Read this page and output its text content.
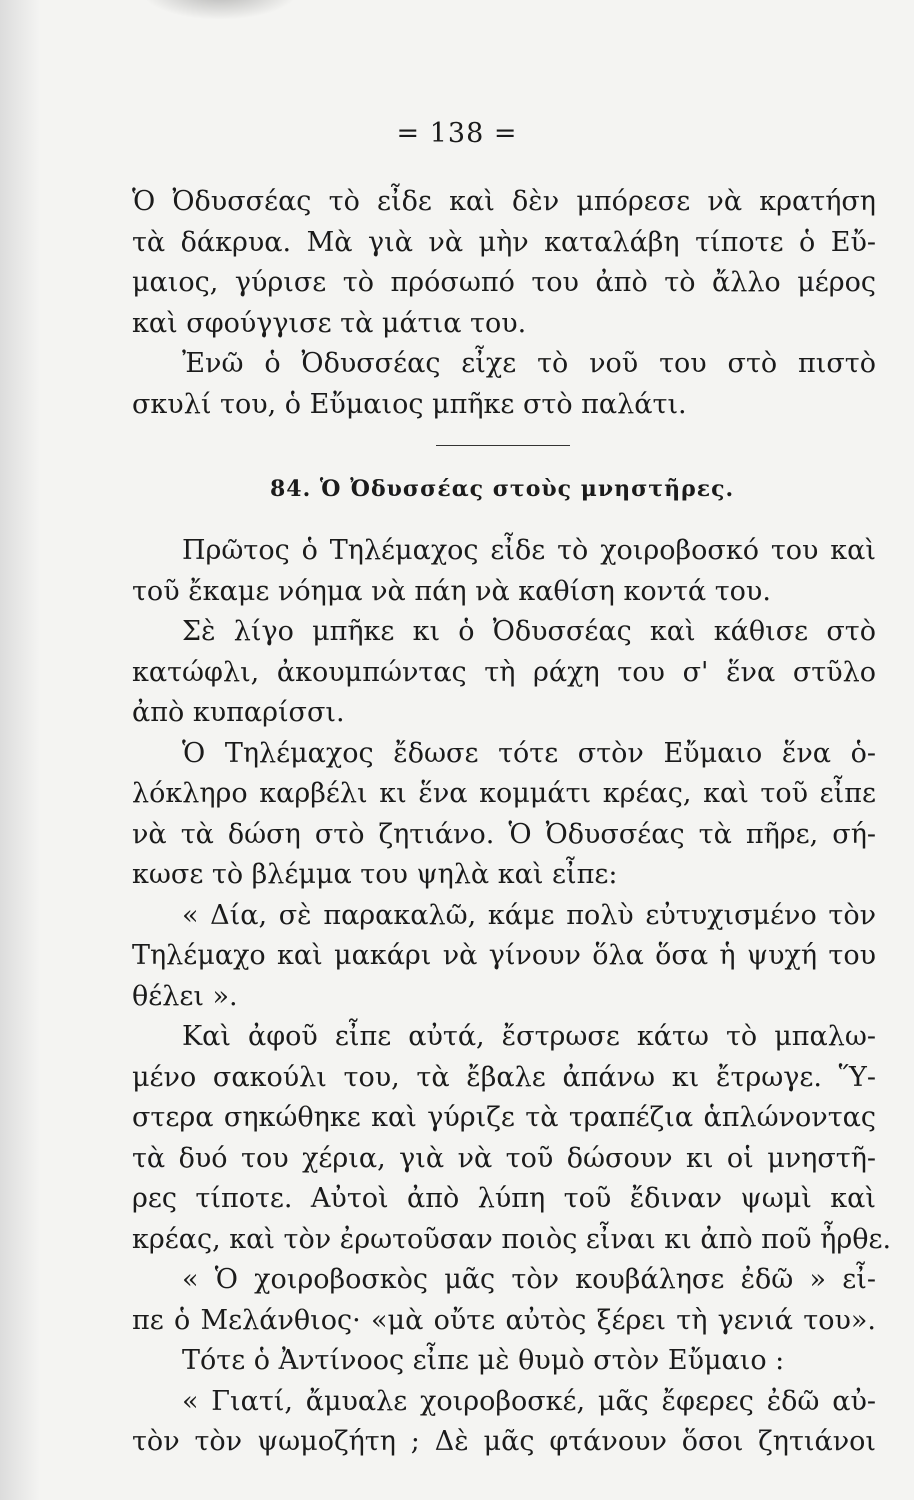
= 138 =
Ὁ Ὀδυσσέας τὸ εἶδε καὶ δὲν μπόρεσε νὰ κρατήση
τὰ δάκρυα. Μὰ γιὰ νὰ μὴν καταλάβη τίποτε ὁ Εὔ-
μαιος, γύρισε τὸ πρόσωπό του ἀπὸ τὸ ἄλλο μέρος
καὶ σφούγγισε τὰ μάτια του.
Ἐνῶ ὁ Ὀδυσσέας εἶχε τὸ νοῦ του στὸ πιστὸ
σκυλί του, ὁ Εὔμαιος μπῆκε στὸ παλάτι.
84. Ὁ Ὀδυσσέας στοὺς μνηστῆρες.
Πρῶτος ὁ Τηλέμαχος εἶδε τὸ χοιροβοσκό του καὶ
τοῦ ἔκαμε νόημα νὰ πάη νὰ καθίση κοντά του.
Σὲ λίγο μπῆκε κι ὁ Ὀδυσσέας καὶ κάθισε στὸ
κατώφλι, ἀκουμπώντας τὴ ράχη του σ' ἕνα στῦλο
ἀπὸ κυπαρίσσι.
Ὁ Τηλέμαχος ἔδωσε τότε στὸν Εὔμαιο ἕνα ὁ-
λόκληρο καρβέλι κι ἕνα κομμάτι κρέας, καὶ τοῦ εἶπε
νὰ τὰ δώση στὸ ζητιάνο. Ὁ Ὀδυσσέας τὰ πῆρε, σή-
κωσε τὸ βλέμμα του ψηλὰ καὶ εἶπε:
« Δία, σὲ παρακαλῶ, κάμε πολὺ εὐτυχισμένο τὸν
Τηλέμαχο καὶ μακάρι νὰ γίνουν ὅλα ὅσα ἡ ψυχή του
θέλει ».
Καὶ ἀφοῦ εἶπε αὐτά, ἔστρωσε κάτω τὸ μπαλω-
μένο σακούλι του, τὰ ἔβαλε ἀπάνω κι ἔτρωγε. Ὕ-
στερα σηκώθηκε καὶ γύριζε τὰ τραπέζια ἁπλώνοντας
τὰ δυό του χέρια, γιὰ νὰ τοῦ δώσουν κι οἱ μνηστῆ-
ρες τίποτε. Αὐτοὶ ἀπὸ λύπη τοῦ ἔδιναν ψωμὶ καὶ
κρέας, καὶ τὸν ἐρωτοῦσαν ποιὸς εἶναι κι ἀπὸ ποῦ ἦρθε.
« Ὁ χοιροβοσκὸς μᾶς τὸν κουβάλησε ἐδῶ » εἶ-
πε ὁ Μελάνθιος· «μὰ οὔτε αὐτὸς ξέρει τὴ γενιά του».
Τότε ὁ Ἀντίνοος εἶπε μὲ θυμὸ στὸν Εὔμαιο :
« Γιατί, ἄμυαλε χοιροβοσκέ, μᾶς ἔφερες ἐδῶ αὐ-
τὸν τὸν ψωμοζήτη ; Δὲ μᾶς φτάνουν ὅσοι ζητιάνοι
